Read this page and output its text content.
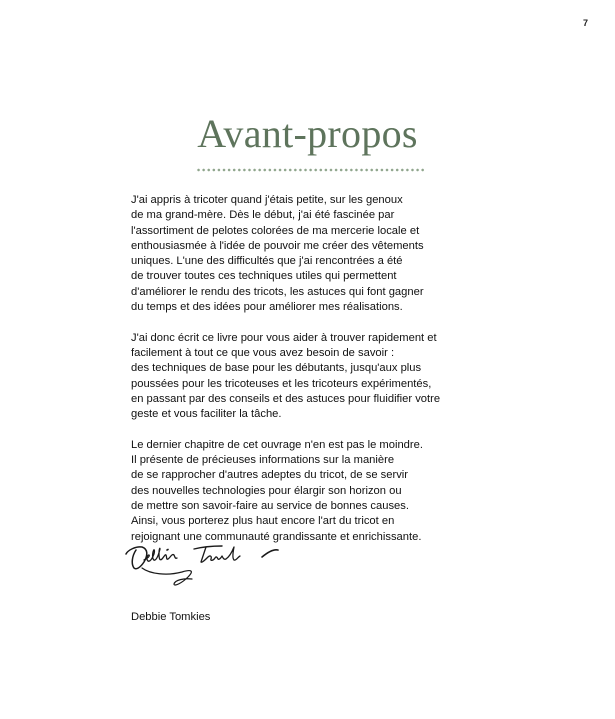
7
Avant-propos

J'ai appris à tricoter quand j'étais petite, sur les genoux
de ma grand-mère. Dès le début, j'ai été fascinée par
l'assortiment de pelotes colorées de ma mercerie locale et
enthousiasmée à l'idée de pouvoir me créer des vêtements
uniques. L'une des difficultés que j'ai rencontrées a été
de trouver toutes ces techniques utiles qui permettent
d'améliorer le rendu des tricots, les astuces qui font gagner
du temps et des idées pour améliorer mes réalisations.

J'ai donc écrit ce livre pour vous aider à trouver rapidement et
facilement à tout ce que vous avez besoin de savoir :
des techniques de base pour les débutants, jusqu'aux plus
poussées pour les tricoteuses et les tricoteurs expérimentés,
en passant par des conseils et des astuces pour fluidifier votre
geste et vous faciliter la tâche.

Le dernier chapitre de cet ouvrage n'en est pas le moindre.
Il présente de précieuses informations sur la manière
de se rapprocher d'autres adeptes du tricot, de se servir
des nouvelles technologies pour élargir son horizon ou
de mettre son savoir-faire au service de bonnes causes.
Ainsi, vous porterez plus haut encore l'art du tricot en
rejoignant une communauté grandissante et enrichissante.

Debbie Tomkies
